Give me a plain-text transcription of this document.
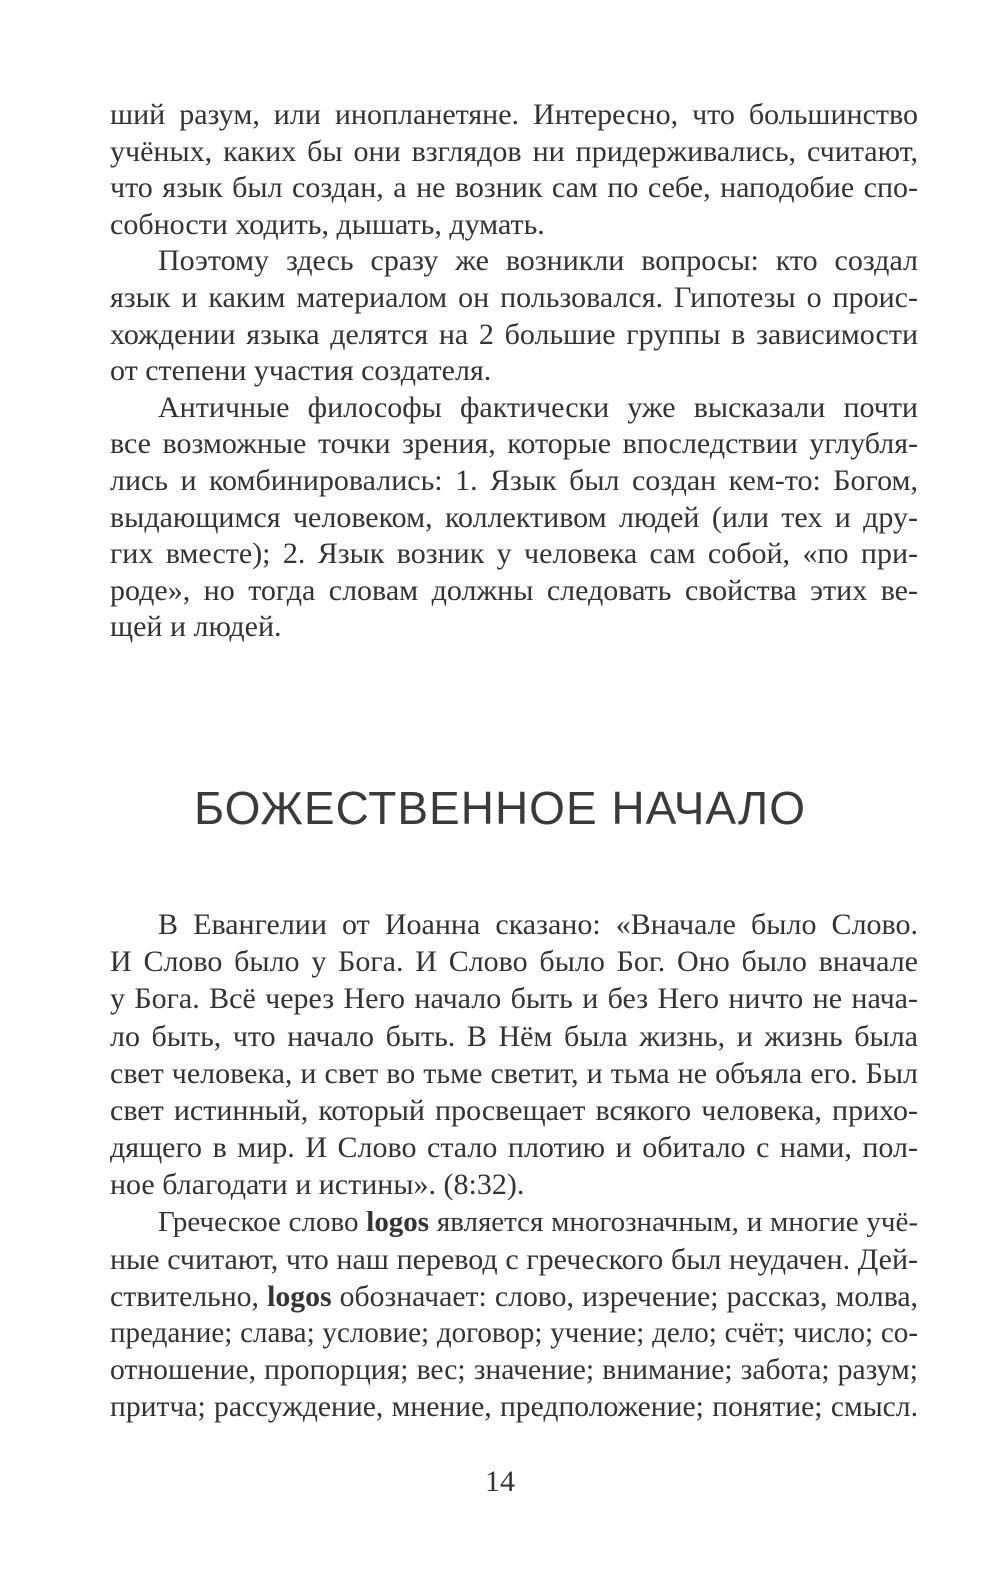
ший разум, или инопланетяне. Интересно, что большинство
учёных, каких бы они взглядов ни придерживались, считают,
что язык был создан, а не возник сам по себе, наподобие спо-
собности ходить, дышать, думать.
Поэтому здесь сразу же возникли вопросы: кто создал
язык и каким материалом он пользовался. Гипотезы о проис-
хождении языка делятся на 2 большие группы в зависимости
от степени участия создателя.
Античные философы фактически уже высказали почти
все возможные точки зрения, которые впоследствии углубля-
лись и комбинировались: 1. Язык был создан кем-то: Богом,
выдающимся человеком, коллективом людей (или тех и дру-
гих вместе); 2. Язык возник у человека сам собой, «по при-
роде», но тогда словам должны следовать свойства этих ве-
щей и людей.
БОЖЕСТВЕННОЕ НАЧАЛО
В Евангелии от Иоанна сказано: «Вначале было Слово.
И Слово было у Бога. И Слово было Бог. Оно было вначале
у Бога. Всё через Него начало быть и без Него ничто не нача-
ло быть, что начало быть. В Нём была жизнь, и жизнь была
свет человека, и свет во тьме светит, и тьма не объяла его. Был
свет истинный, который просвещает всякого человека, прихо-
дящего в мир. И Слово стало плотию и обитало с нами, пол-
ное благодати и истины». (8:32).
Греческое слово logos является многозначным, и многие учё-
ные считают, что наш перевод с греческого был неудачен. Дей-
ствительно, logos обозначает: слово, изречение; рассказ, молва,
предание; слава; условие; договор; учение; дело; счёт; число; со-
отношение, пропорция; вес; значение; внимание; забота; разум;
притча; рассуждение, мнение, предположение; понятие; смысл.
14
